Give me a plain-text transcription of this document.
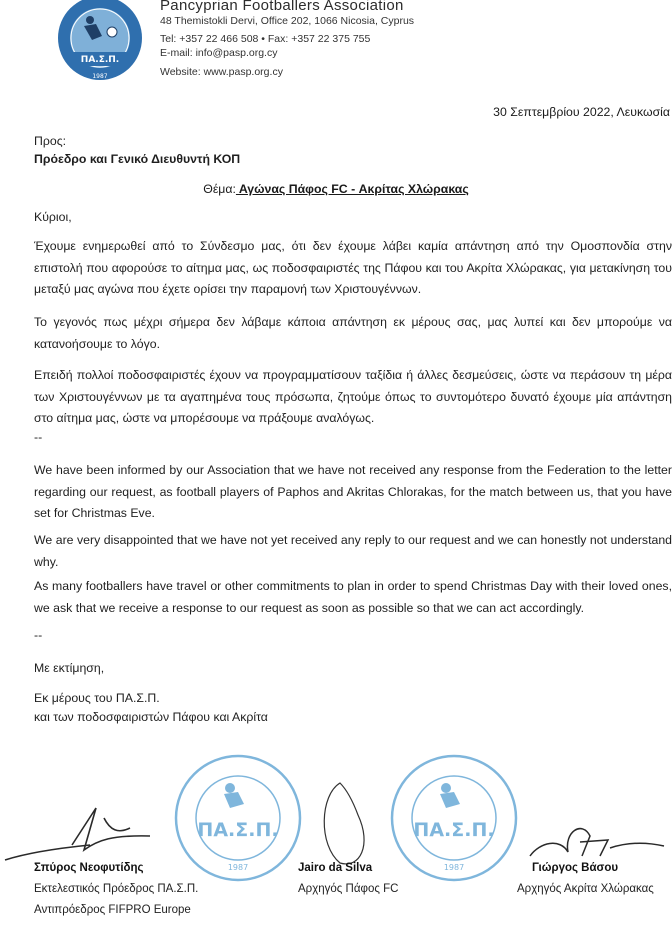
1987
ΠΑ.Σ.Π.
Pancyprian Footballers Association
48 Themistokli Dervi, Office 202, 1066 Nicosia, Cyprus
Tel: +357 22 466 508 • Fax: +357 22 375 755
E-mail: info@pasp.org.cy
Website: www.pasp.org.cy
30 Σεπτεμβρίου 2022, Λευκωσία
Προς:
Πρόεδρο και Γενικό Διευθυντή ΚΟΠ
Θέμα: Αγώνας Πάφος FC - Ακρίτας Χλώρακας
Κύριοι,
Έχουμε ενημερωθεί από το Σύνδεσμο μας, ότι δεν έχουμε λάβει καμία απάντηση από την Ομοσπονδία στην επιστολή που αφορούσε το αίτημα μας, ως ποδοσφαιριστές της Πάφου και του Ακρίτα Χλώρακας, για μετακίνηση του μεταξύ μας αγώνα που έχετε ορίσει την παραμονή των Χριστουγέννων.
Το γεγονός πως μέχρι σήμερα δεν λάβαμε κάποια απάντηση εκ μέρους σας, μας λυπεί και δεν μπορούμε να κατανοήσουμε το λόγο.
Επειδή πολλοί ποδοσφαιριστές έχουν να προγραμματίσουν ταξίδια ή άλλες δεσμεύσεις, ώστε να περάσουν τη μέρα των Χριστουγέννων με τα αγαπημένα τους πρόσωπα, ζητούμε όπως το συντομότερο δυνατό έχουμε μία απάντηση στο αίτημα μας, ώστε να μπορέσουμε να πράξουμε αναλόγως.
--
We have been informed by our Association that we have not received any response from the Federation to the letter regarding our request, as football players of Paphos and Akritas Chlorakas, for the match between us, that you have set for Christmas Eve.
We are very disappointed that we have not yet received any reply to our request and we can honestly not understand why.
As many footballers have travel or other commitments to plan in order to spend Christmas Day with their loved ones, we ask that we receive a response to our request as soon as possible so that we can act accordingly.
--
Με εκτίμηση,
Εκ μέρους του ΠΑ.Σ.Π.
και των ποδοσφαιριστών Πάφου και Ακρίτα
ΠΑ.Σ.Π.
1987
ΠΑ.Σ.Π.
1987
Σπύρος Νεοφυτίδης
Εκτελεστικός Πρόεδρος ΠΑ.Σ.Π.
Αντιπρόεδρος FIFPRO Europe
Jairo da Silva
Αρχηγός Πάφος FC
Γιώργος Βάσου
Αρχηγός Ακρίτα Χλώρακας
